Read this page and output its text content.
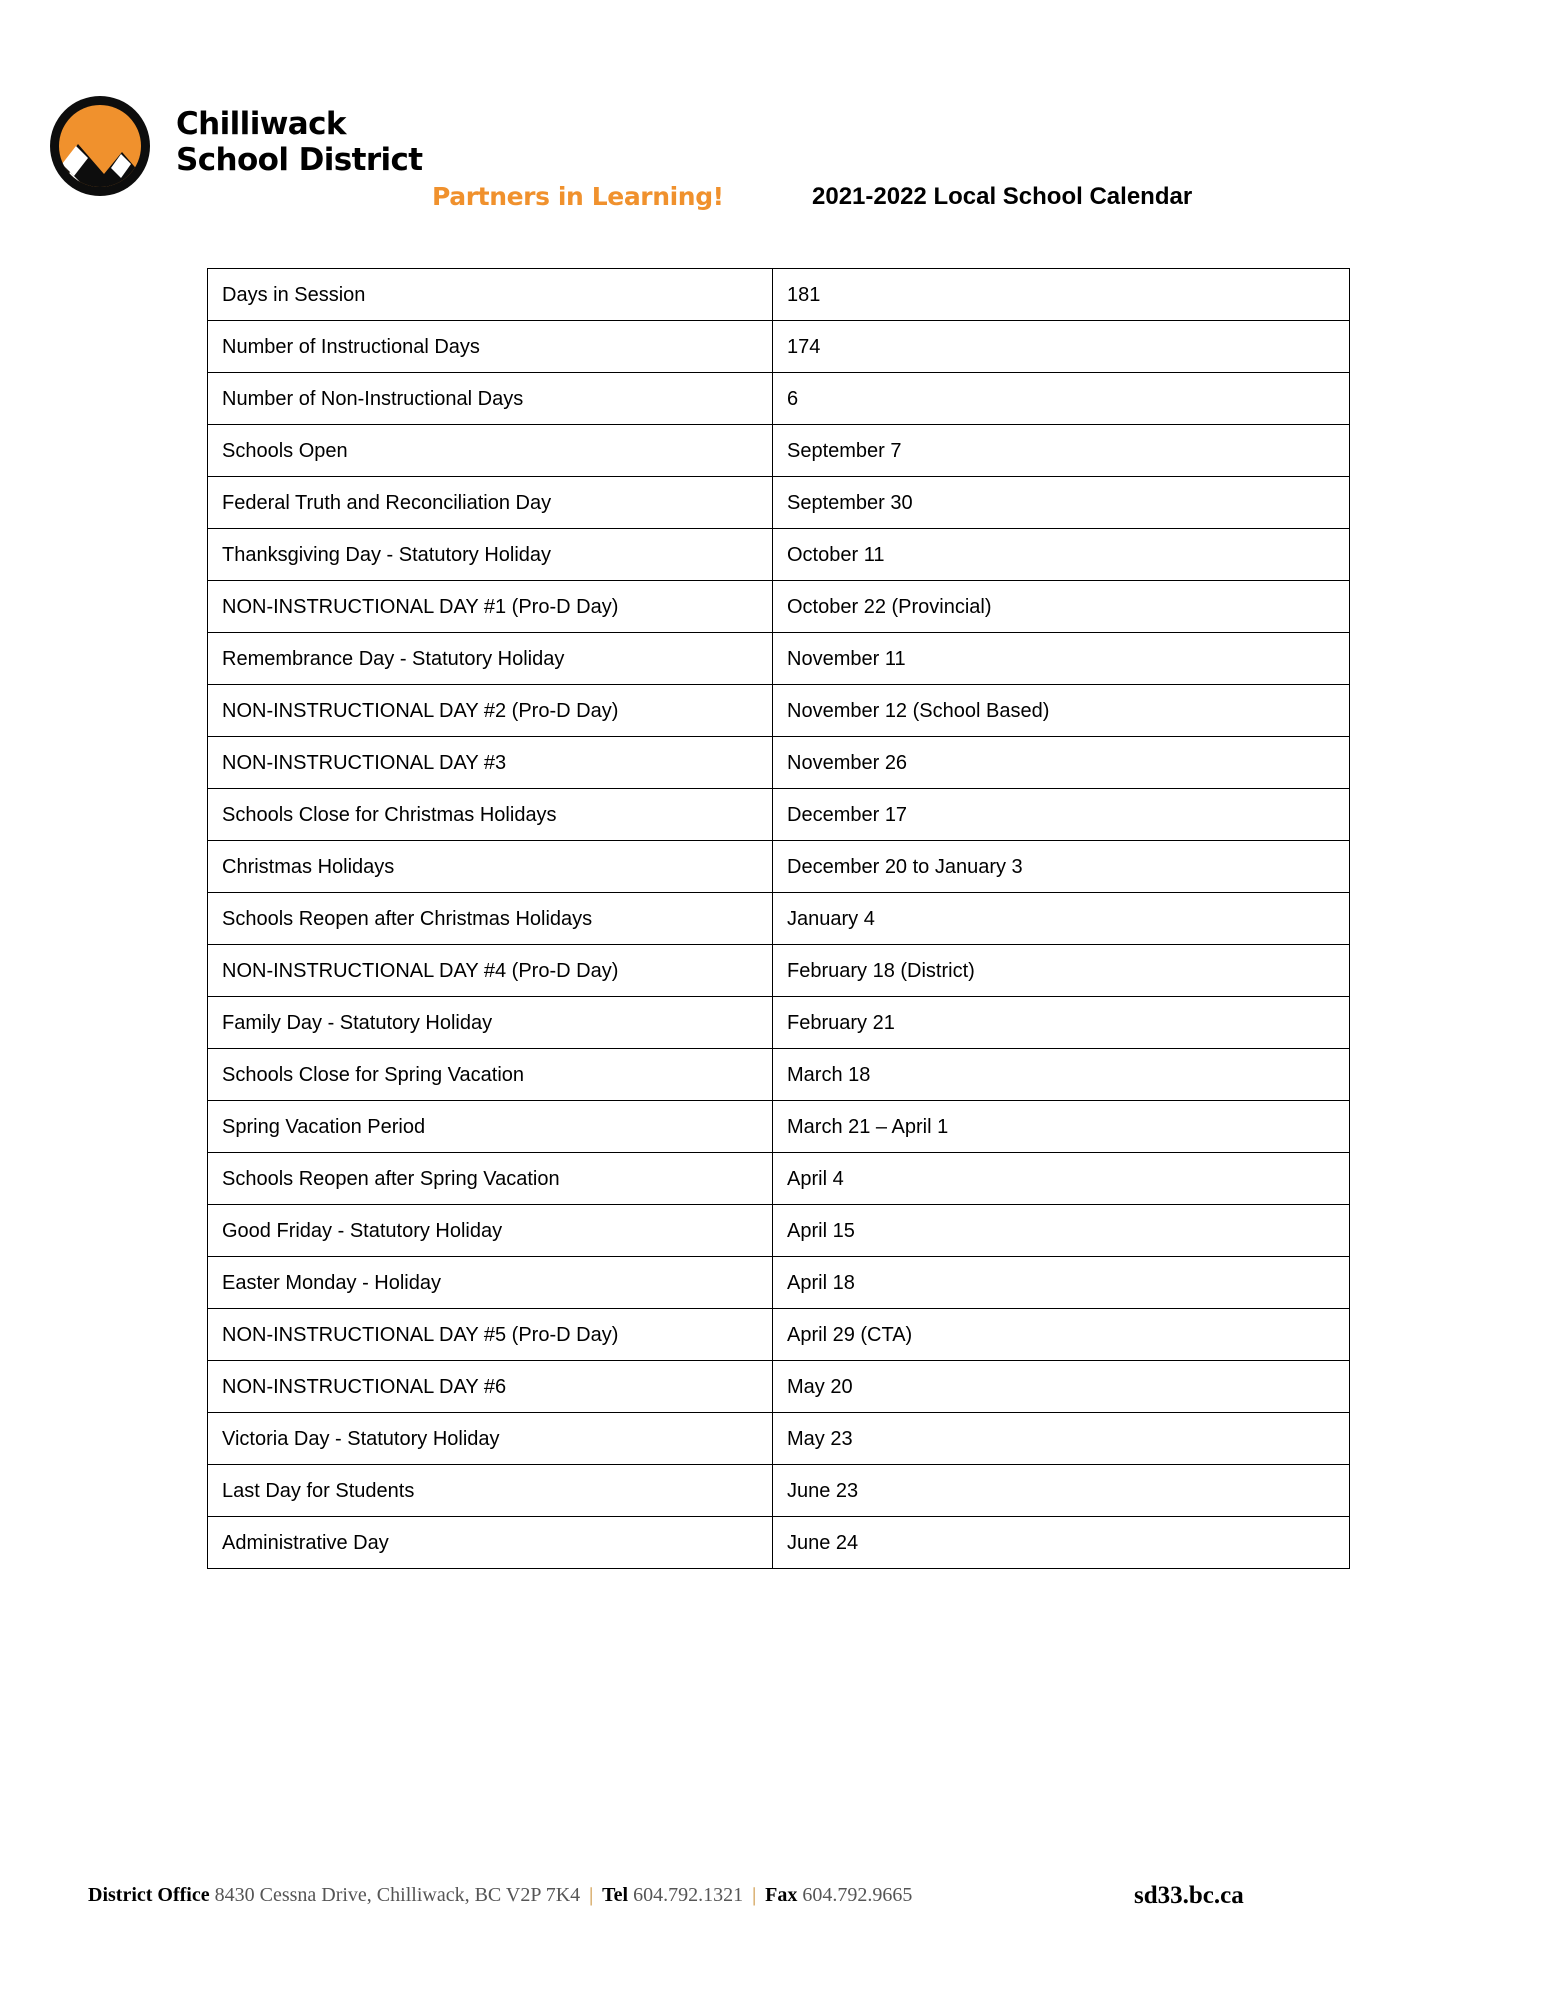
Chilliwack
School District
Partners in Learning!	2021-2022 Local School Calendar
Days in Session	181
Number of Instructional Days	174
Number of Non-Instructional Days	6
Schools Open	September 7
Federal Truth and Reconciliation Day	September 30
Thanksgiving Day - Statutory Holiday	October 11
NON-INSTRUCTIONAL DAY #1 (Pro-D Day)	October 22 (Provincial)
Remembrance Day - Statutory Holiday	November 11
NON-INSTRUCTIONAL DAY #2 (Pro-D Day)	November 12 (School Based)
NON-INSTRUCTIONAL DAY #3	November 26
Schools Close for Christmas Holidays	December 17
Christmas Holidays	December 20 to January 3
Schools Reopen after Christmas Holidays	January 4
NON-INSTRUCTIONAL DAY #4 (Pro-D Day)	February 18 (District)
Family Day - Statutory Holiday	February 21
Schools Close for Spring Vacation	March 18
Spring Vacation Period	March 21 – April 1
Schools Reopen after Spring Vacation	April 4
Good Friday - Statutory Holiday	April 15
Easter Monday - Holiday	April 18
NON-INSTRUCTIONAL DAY #5 (Pro-D Day)	April 29 (CTA)
NON-INSTRUCTIONAL DAY #6	May 20
Victoria Day - Statutory Holiday	May 23
Last Day for Students	June 23
Administrative Day	June 24
District Office 8430 Cessna Drive, Chilliwack, BC V2P 7K4 | Tel 604.792.1321 | Fax 604.792.9665	sd33.bc.ca
